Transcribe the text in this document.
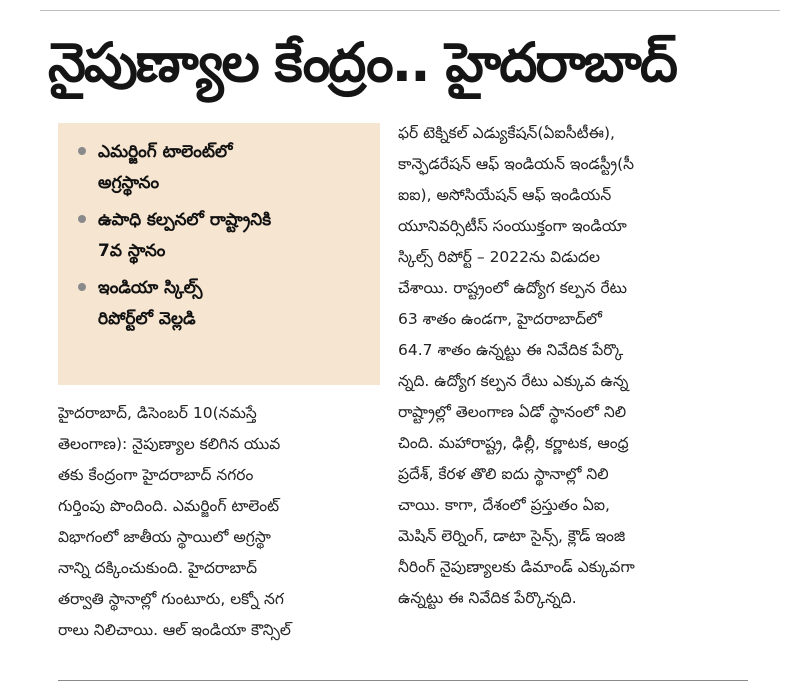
నైపుణ్యాల కేంద్రం.. హైదరాబాద్
ఎమర్జింగ్ టాలెంట్‌లో
అగ్రస్థానం
ఉపాధి కల్పనలో రాష్ట్రానికి
7వ స్థానం
ఇండియా స్కిల్స్
రిపోర్ట్‌లో వెల్లడి
హైదరాబాద్, డిసెంబర్ 10(నమస్తే
తెలంగాణ): నైపుణ్యాల కలిగిన యువ
తకు కేంద్రంగా హైదరాబాద్ నగరం
గుర్తింపు పొందింది. ఎమర్జింగ్ టాలెంట్
విభాగంలో జాతీయ స్థాయిలో అగ్రస్థా
నాన్ని దక్కించుకుంది. హైదరాబాద్
తర్వాతి స్థానాల్లో గుంటూరు, లక్నో నగ
రాలు నిలిచాయి. ఆల్ ఇండియా కౌన్సిల్
ఫర్ టెక్నికల్ ఎడ్యుకేషన్(ఏఐసీటీఈ),
కాన్ఫెడరేషన్ ఆఫ్ ఇండియన్ ఇండస్ట్రీ(సీ
ఐఐ), అసోసియేషన్ ఆఫ్ ఇండియన్
యూనివర్సిటీస్ సంయుక్తంగా ఇండియా
స్కిల్స్ రిపోర్ట్ – 2022ను విడుదల
చేశాయి. రాష్ట్రంలో ఉద్యోగ కల్పన రేటు
63 శాతం ఉండగా, హైదరాబాద్‌లో
64.7 శాతం ఉన్నట్టు ఈ నివేదిక పేర్కొ
న్నది. ఉద్యోగ కల్పన రేటు ఎక్కువ ఉన్న
రాష్ట్రాల్లో తెలంగాణ ఏడో స్థానంలో నిలి
చింది. మహారాష్ట్ర, ఢిల్లీ, కర్ణాటక, ఆంధ్ర
ప్రదేశ్, కేరళ తొలి ఐదు స్థానాల్లో నిలి
చాయి. కాగా, దేశంలో ప్రస్తుతం ఏఐ,
మెషిన్ లెర్నింగ్, డాటా సైన్స్, క్లౌడ్ ఇంజి
నీరింగ్ నైపుణ్యాలకు డిమాండ్ ఎక్కువగా
ఉన్నట్టు ఈ నివేదిక పేర్కొన్నది.
